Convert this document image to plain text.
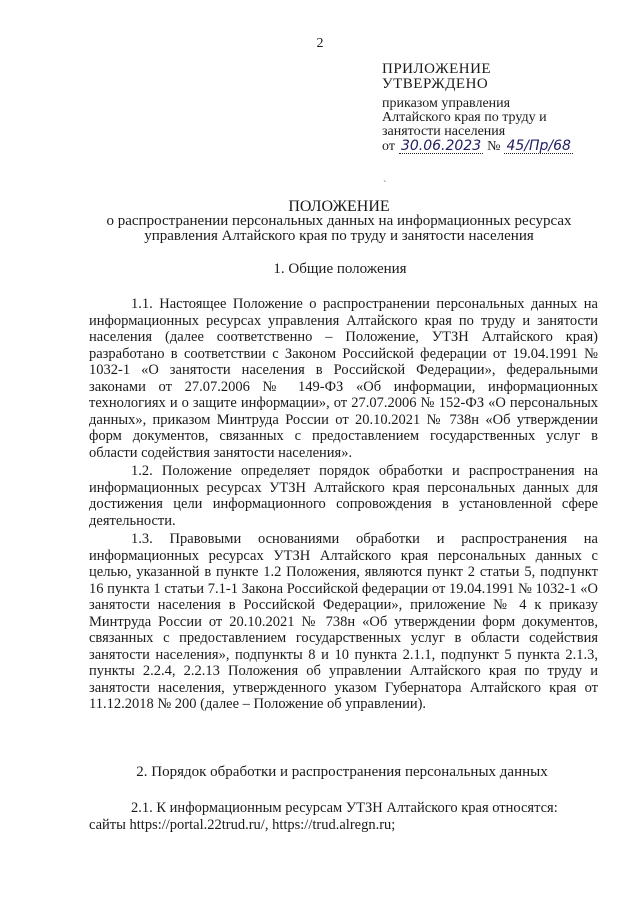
2
ПРИЛОЖЕНИЕ
УТВЕРЖДЕНО
приказом управления
Алтайского края по труду и
занятости населения
от 30.06.2023 № 45/Пр/68
`
ПОЛОЖЕНИЕ
о распространении персональных данных на информационных ресурсах
управления Алтайского края по труду и занятости населения
1. Общие положения

1.1. Настоящее Положение о распространении персональных данных на информационных ресурсах управления Алтайского края по труду и занятости населения (далее соответственно – Положение, УТЗН Алтайского края) разработано в соответствии с Законом Российской федерации от 19.04.1991 № 1032-1 «О занятости населения в Российской Федерации», федеральными законами от 27.07.2006 № 149-ФЗ «Об информации, информационных технологиях и о защите информации», от 27.07.2006 № 152-ФЗ «О персональных данных», приказом Минтруда России от 20.10.2021 № 738н «Об утверждении форм документов, связанных с предоставлением государственных услуг в области содействия занятости населения».

1.2. Положение определяет порядок обработки и распространения на информационных ресурсах УТЗН Алтайского края персональных данных для достижения цели информационного сопровождения в установленной сфере деятельности.

1.3. Правовыми основаниями обработки и распространения на информационных ресурсах УТЗН Алтайского края персональных данных с целью, указанной в пункте 1.2 Положения, являются пункт 2 статьи 5, подпункт 16 пункта 1 статьи 7.1-1 Закона Российской федерации от 19.04.1991 № 1032-1 «О занятости населения в Российской Федерации», приложение № 4 к приказу Минтруда России от 20.10.2021 № 738н «Об утверждении форм документов, связанных с предоставлением государственных услуг в области содействия занятости населения», подпункты 8 и 10 пункта 2.1.1, подпункт 5 пункта 2.1.3, пункты 2.2.4, 2.2.13 Положения об управлении Алтайского края по труду и занятости населения, утвержденного указом Губернатора Алтайского края от 11.12.2018 № 200 (далее – Положение об управлении).

2. Порядок обработки и распространения персональных данных

2.1. К информационным ресурсам УТЗН Алтайского края относятся:

сайты https://portal.22trud.ru/, https://trud.alregn.ru;
